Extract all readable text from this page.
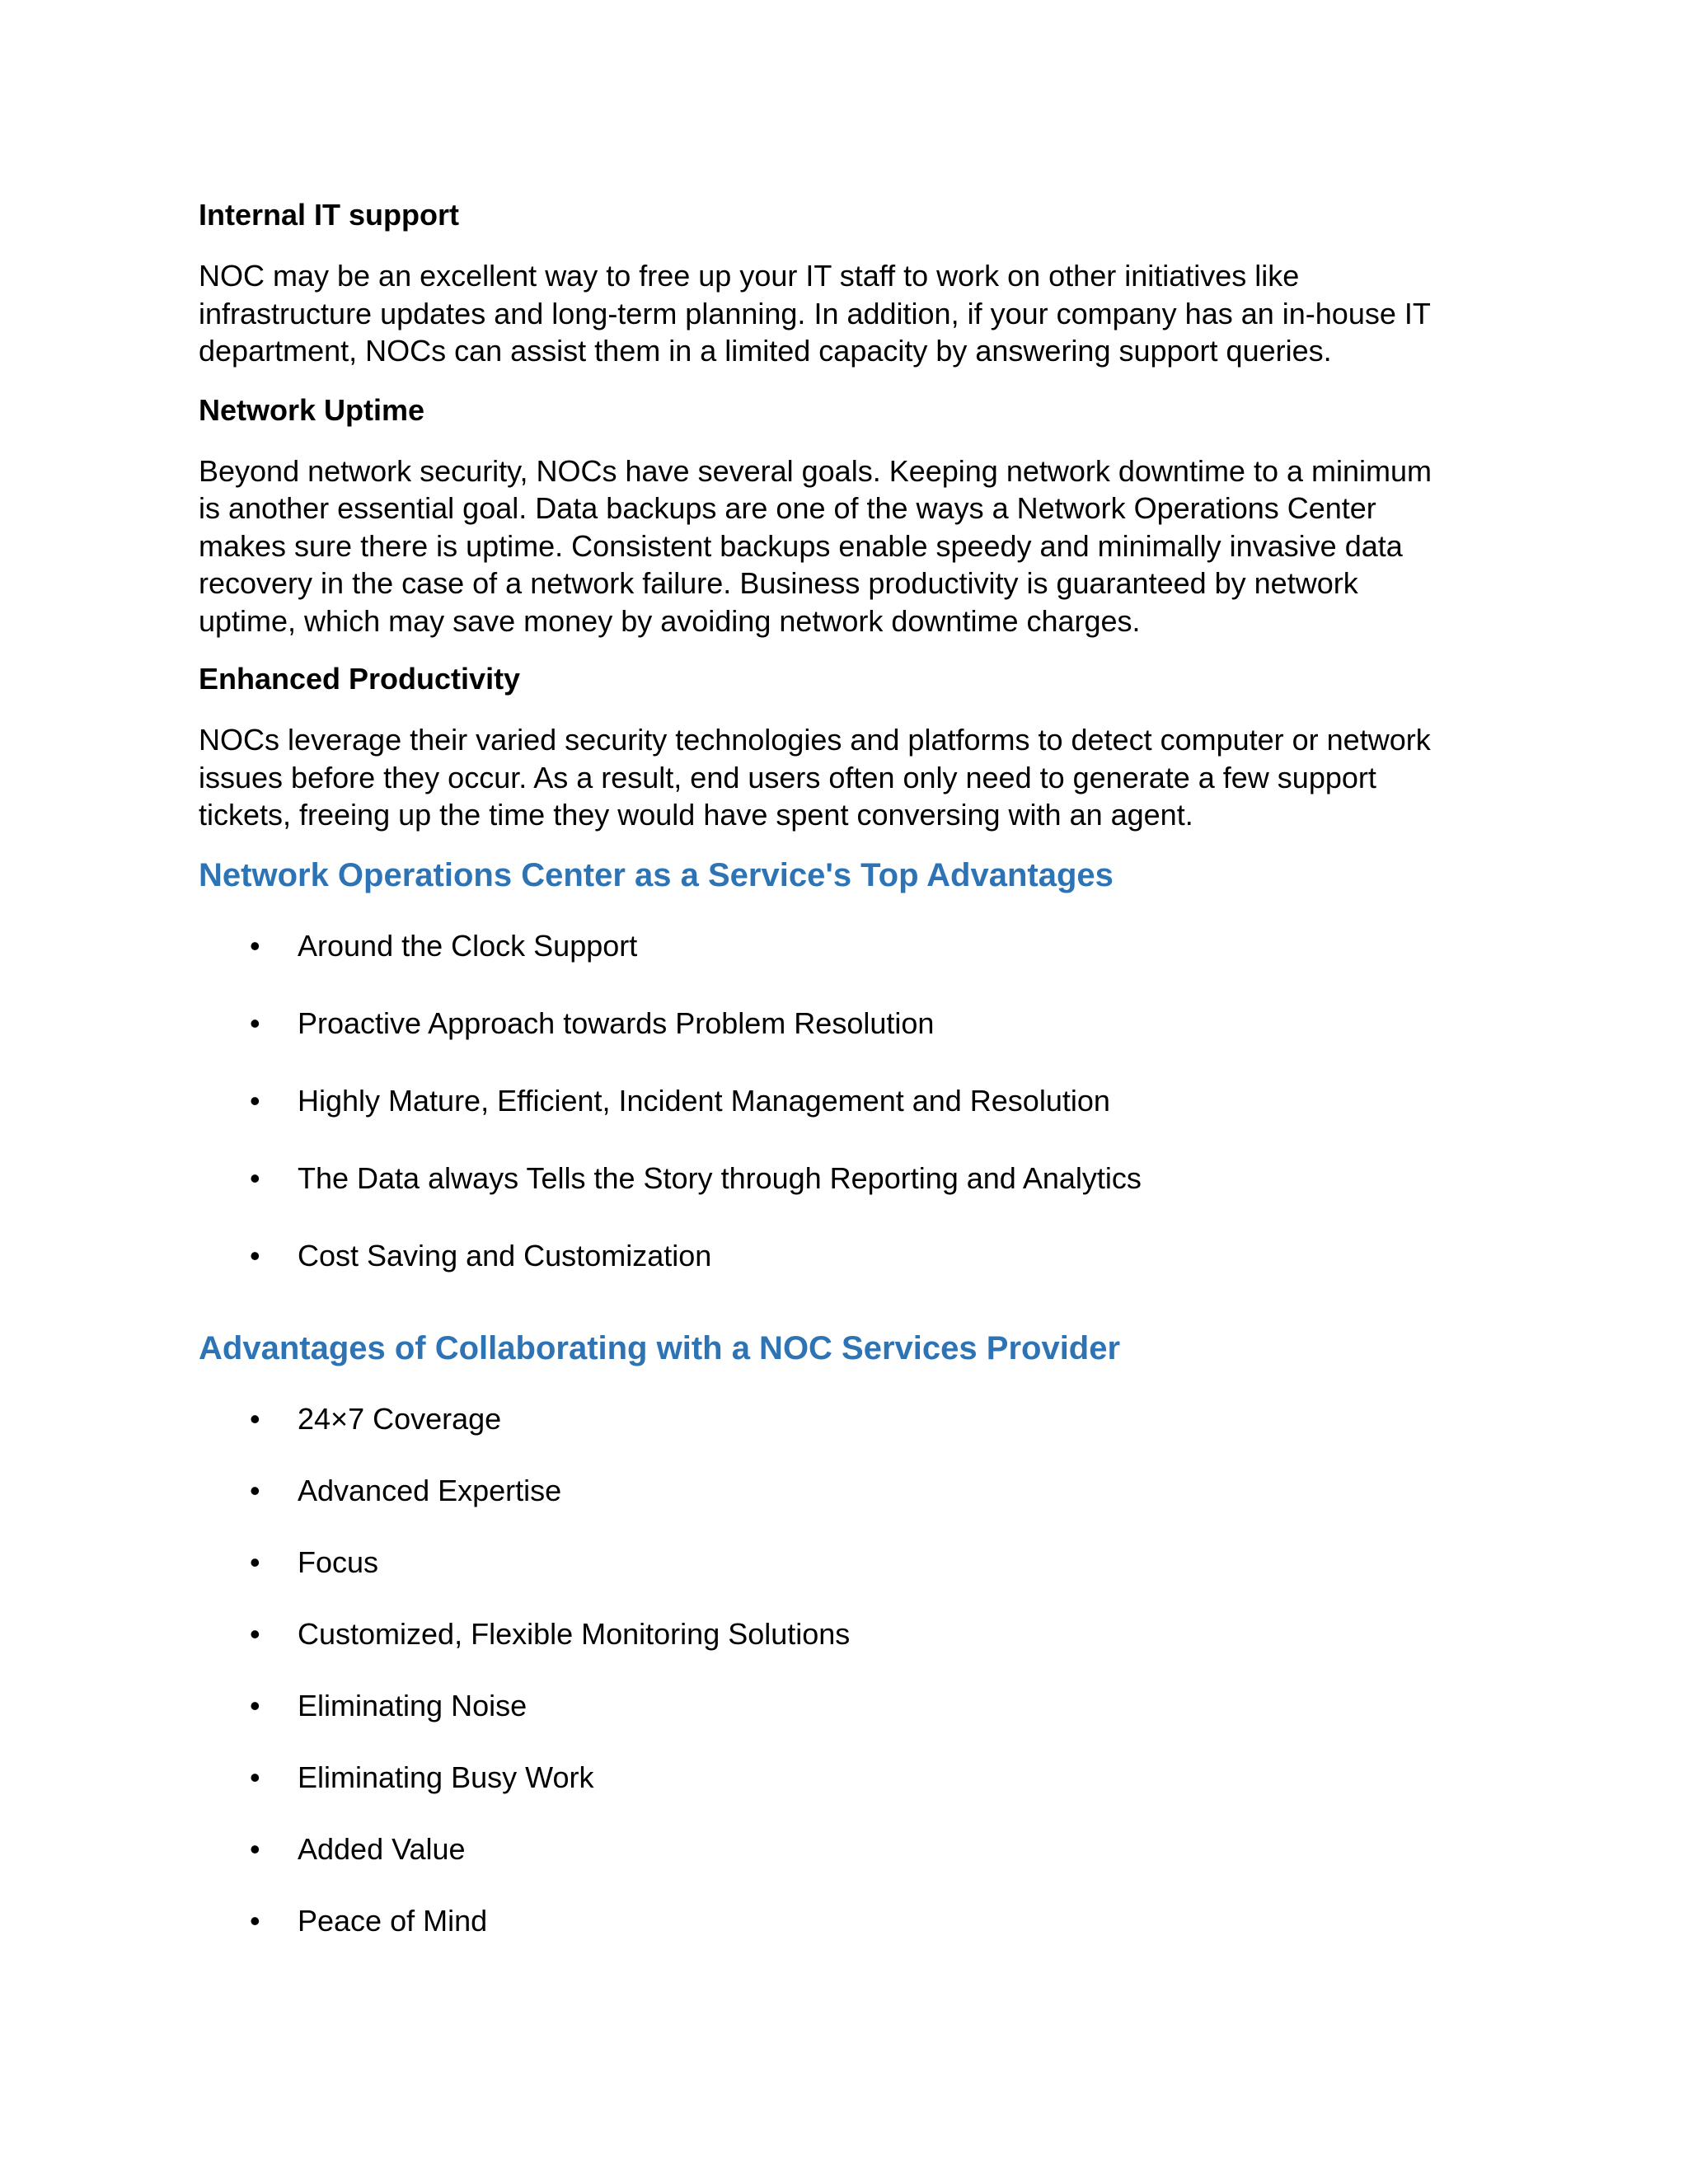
Internal IT support

NOC may be an excellent way to free up your IT staff to work on other initiatives like
infrastructure updates and long-term planning. In addition, if your company has an in-house IT
department, NOCs can assist them in a limited capacity by answering support queries.

Network Uptime

Beyond network security, NOCs have several goals. Keeping network downtime to a minimum
is another essential goal. Data backups are one of the ways a Network Operations Center
makes sure there is uptime. Consistent backups enable speedy and minimally invasive data
recovery in the case of a network failure. Business productivity is guaranteed by network
uptime, which may save money by avoiding network downtime charges.

Enhanced Productivity

NOCs leverage their varied security technologies and platforms to detect computer or network
issues before they occur. As a result, end users often only need to generate a few support
tickets, freeing up the time they would have spent conversing with an agent.

Network Operations Center as a Service's Top Advantages
• Around the Clock Support
• Proactive Approach towards Problem Resolution
• Highly Mature, Efficient, Incident Management and Resolution
• The Data always Tells the Story through Reporting and Analytics
• Cost Saving and Customization
Advantages of Collaborating with a NOC Services Provider
• 24×7 Coverage
• Advanced Expertise
• Focus
• Customized, Flexible Monitoring Solutions
• Eliminating Noise
• Eliminating Busy Work
• Added Value
• Peace of Mind
